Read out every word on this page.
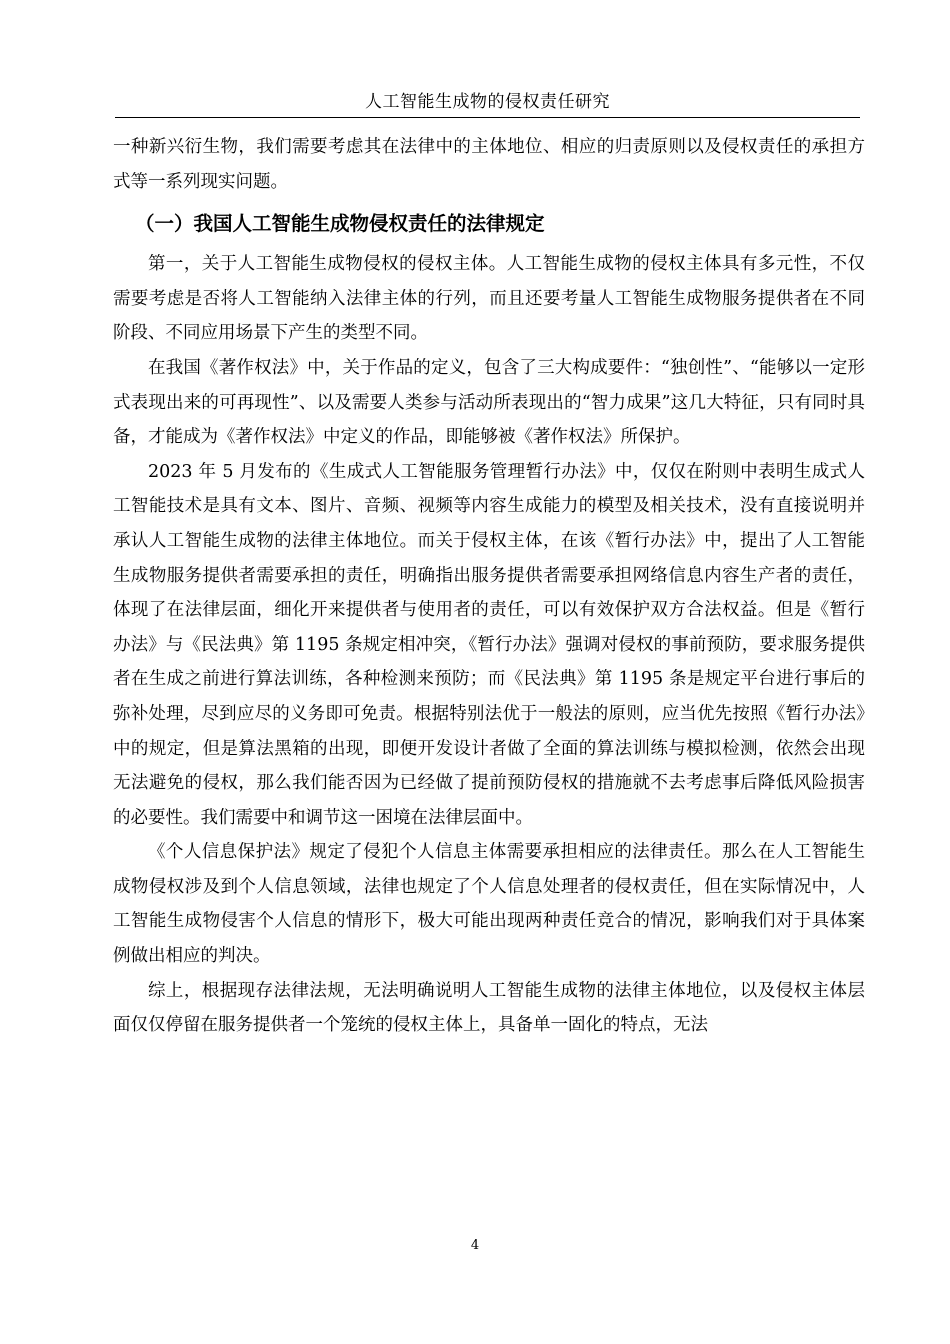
人工智能生成物的侵权责任研究

一种新兴衍生物，我们需要考虑其在法律中的主体地位、相应的归责原则以及侵权责任的承担方式等一系列现实问题。

（一）我国人工智能生成物侵权责任的法律规定

第一，关于人工智能生成物侵权的侵权主体。人工智能生成物的侵权主体具有多元性，不仅需要考虑是否将人工智能纳入法律主体的行列，而且还要考量人工智能生成物服务提供者在不同阶段、不同应用场景下产生的类型不同。

在我国《著作权法》中，关于作品的定义，包含了三大构成要件：“独创性”、“能够以一定形式表现出来的可再现性”、以及需要人类参与活动所表现出的“智力成果”这几大特征，只有同时具备，才能成为《著作权法》中定义的作品，即能够被《著作权法》所保护。

2023 年 5 月发布的《生成式人工智能服务管理暂行办法》中，仅仅在附则中表明生成式人工智能技术是具有文本、图片、音频、视频等内容生成能力的模型及相关技术，没有直接说明并承认人工智能生成物的法律主体地位。而关于侵权主体，在该《暂行办法》中，提出了人工智能生成物服务提供者需要承担的责任，明确指出服务提供者需要承担网络信息内容生产者的责任，体现了在法律层面，细化开来提供者与使用者的责任，可以有效保护双方合法权益。但是《暂行办法》与《民法典》第 1195 条规定相冲突，《暂行办法》强调对侵权的事前预防，要求服务提供者在生成之前进行算法训练，各种检测来预防；而《民法典》第 1195 条是规定平台进行事后的弥补处理，尽到应尽的义务即可免责。根据特别法优于一般法的原则，应当优先按照《暂行办法》中的规定，但是算法黑箱的出现，即便开发设计者做了全面的算法训练与模拟检测，依然会出现无法避免的侵权，那么我们能否因为已经做了提前预防侵权的措施就不去考虑事后降低风险损害的必要性。我们需要中和调节这一困境在法律层面中。

《个人信息保护法》规定了侵犯个人信息主体需要承担相应的法律责任。那么在人工智能生成物侵权涉及到个人信息领域，法律也规定了个人信息处理者的侵权责任，但在实际情况中，人工智能生成物侵害个人信息的情形下，极大可能出现两种责任竞合的情况，影响我们对于具体案例做出相应的判决。

综上，根据现存法律法规，无法明确说明人工智能生成物的法律主体地位，以及侵权主体层面仅仅停留在服务提供者一个笼统的侵权主体上，具备单一固化的特点，无法

4
